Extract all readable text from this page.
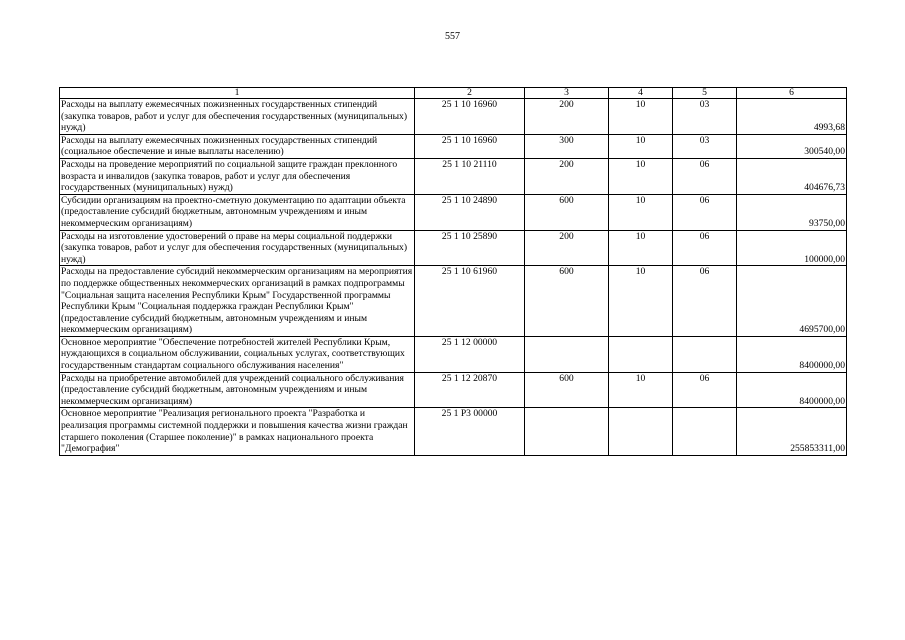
557
1	2	3	4	5	6
Расходы на выплату ежемесячных пожизненных государственных стипендий (закупка товаров, работ и услуг для обеспечения государственных (муниципальных) нужд)	25 1 10 16960	200	10	03	4993,68
Расходы на выплату ежемесячных пожизненных государственных стипендий (социальное обеспечение и иные выплаты населению)	25 1 10 16960	300	10	03	300540,00
Расходы на проведение мероприятий по социальной защите граждан преклонного возраста и инвалидов (закупка товаров, работ и услуг для обеспечения государственных (муниципальных) нужд)	25 1 10 21110	200	10	06	404676,73
Субсидии организациям на проектно-сметную документацию по адаптации объекта (предоставление субсидий бюджетным, автономным учреждениям и иным некоммерческим организациям)	25 1 10 24890	600	10	06	93750,00
Расходы на изготовление удостоверений о праве на меры социальной поддержки (закупка товаров, работ и услуг для обеспечения государственных (муниципальных) нужд)	25 1 10 25890	200	10	06	100000,00
Расходы на предоставление субсидий некоммерческим организациям на мероприятия по поддержке общественных некоммерческих организаций в рамках подпрограммы "Социальная защита населения Республики Крым" Государственной программы Республики Крым "Социальная поддержка граждан Республики Крым" (предоставление субсидий бюджетным, автономным учреждениям и иным некоммерческим организациям)	25 1 10 61960	600	10	06	4695700,00
Основное мероприятие "Обеспечение потребностей жителей Республики Крым, нуждающихся в социальном обслуживании, социальных услугах, соответствующих государственным стандартам социального обслуживания населения"	25 1 12 00000				8400000,00
Расходы на приобретение автомобилей для учреждений социального обслуживания (предоставление субсидий бюджетным, автономным учреждениям и иным некоммерческим организациям)	25 1 12 20870	600	10	06	8400000,00
Основное мероприятие "Реализация регионального проекта "Разработка и реализация программы системной поддержки и повышения качества жизни граждан старшего поколения (Старшее поколение)" в рамках национального проекта "Демография"	25 1 P3 00000				255853311,00
